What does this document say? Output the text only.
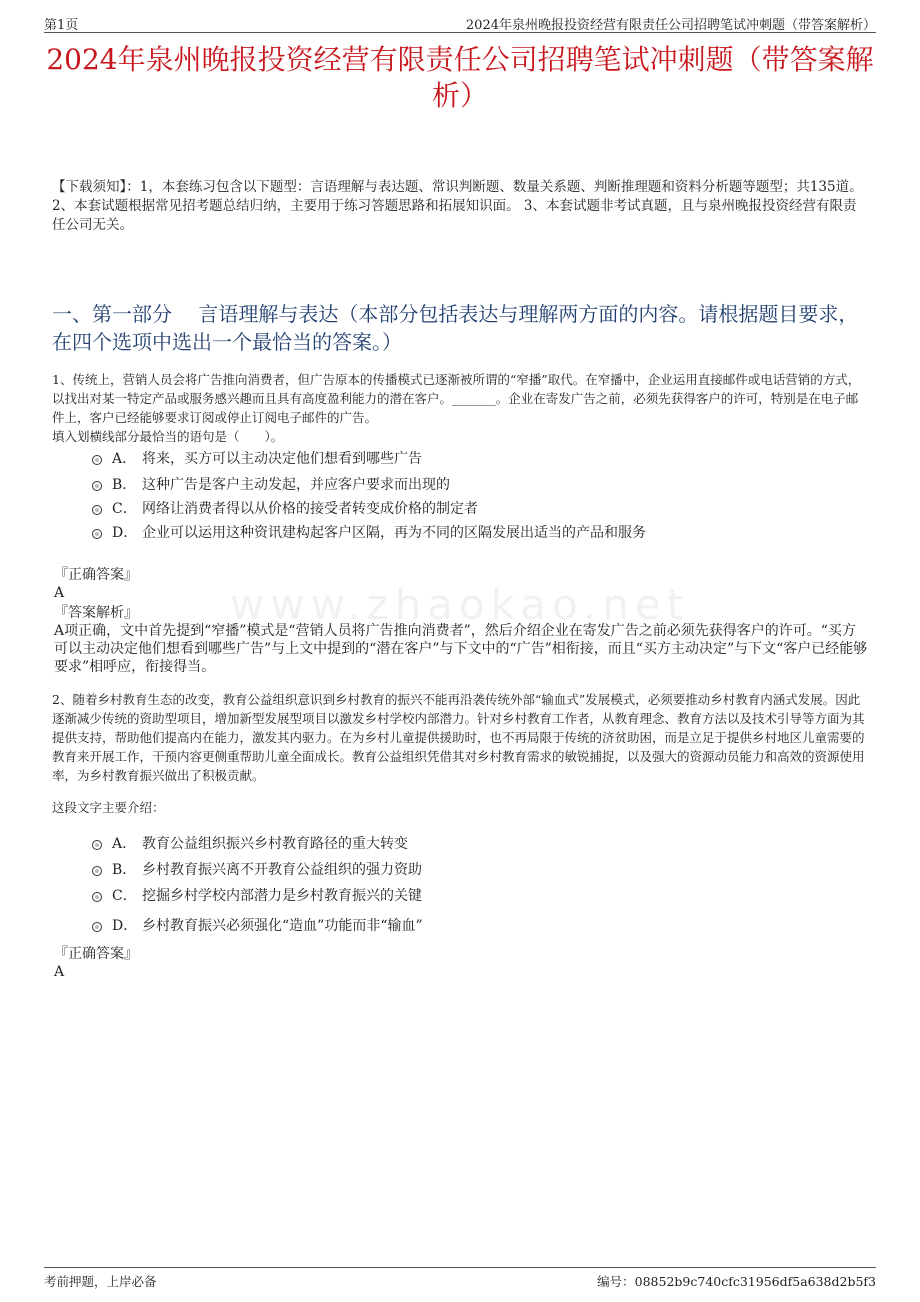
第1页	2024年泉州晚报投资经营有限责任公司招聘笔试冲刺题（带答案解析）
2024年泉州晚报投资经营有限责任公司招聘笔试冲刺题（带答案解析）
【下载须知】：1，本套练习包含以下题型：言语理解与表达题、常识判断题、数量关系题、判断推理题和资料分析题等题型；共135道。 2、本套试题根据常见招考题总结归纳，主要用于练习答题思路和拓展知识面。 3、本套试题非考试真题，且与泉州晚报投资经营有限责任公司无关。
一、第一部分　 言语理解与表达（本部分包括表达与理解两方面的内容。请根据题目要求，在四个选项中选出一个最恰当的答案。）
www.zhaokao.net

1、传统上，营销人员会将广告推向消费者，但广告原本的传播模式已逐渐被所谓的“窄播”取代。在窄播中，企业运用直接邮件或电话营销的方式，以找出对某一特定产品或服务感兴趣而且具有高度盈利能力的潜在客户。_______。企业在寄发广告之前，必须先获得客户的许可，特别是在电子邮件上，客户已经能够要求订阅或停止订阅电子邮件的广告。

填入划横线部分最恰当的语句是（　　）。

A． 将来，买方可以主动决定他们想看到哪些广告
B． 这种广告是客户主动发起，并应客户要求而出现的
C． 网络让消费者得以从价格的接受者转变成价格的制定者
D． 企业可以运用这种资讯建构起客户区隔，再为不同的区隔发展出适当的产品和服务
『正确答案』
A
『答案解析』
A项正确，文中首先提到“窄播”模式是“营销人员将广告推向消费者”，然后介绍企业在寄发广告之前必须先获得客户的许可。“买方可以主动决定他们想看到哪些广告”与上文中提到的“潜在客户”与下文中的“广告”相衔接，而且“买方主动决定”与下文“客户已经能够要求”相呼应，衔接得当。

2、随着乡村教育生态的改变，教育公益组织意识到乡村教育的振兴不能再沿袭传统外部“输血式”发展模式，必须要推动乡村教育内涵式发展。因此逐渐减少传统的资助型项目，增加新型发展型项目以激发乡村学校内部潜力。针对乡村教育工作者，从教育理念、教育方法以及技术引导等方面为其提供支持，帮助他们提高内在能力，激发其内驱力。在为乡村儿童提供援助时，也不再局限于传统的济贫助困，而是立足于提供乡村地区儿童需要的教育来开展工作，干预内容更侧重帮助儿童全面成长。教育公益组织凭借其对乡村教育需求的敏锐捕捉，以及强大的资源动员能力和高效的资源使用率，为乡村教育振兴做出了积极贡献。

这段文字主要介绍：

A． 教育公益组织振兴乡村教育路径的重大转变
B． 乡村教育振兴离不开教育公益组织的强力资助
C． 挖掘乡村学校内部潜力是乡村教育振兴的关键
D． 乡村教育振兴必须强化“造血”功能而非“输血”
『正确答案』
A
考前押题，上岸必备	编号：08852b9c740cfc31956df5a638d2b5f3
